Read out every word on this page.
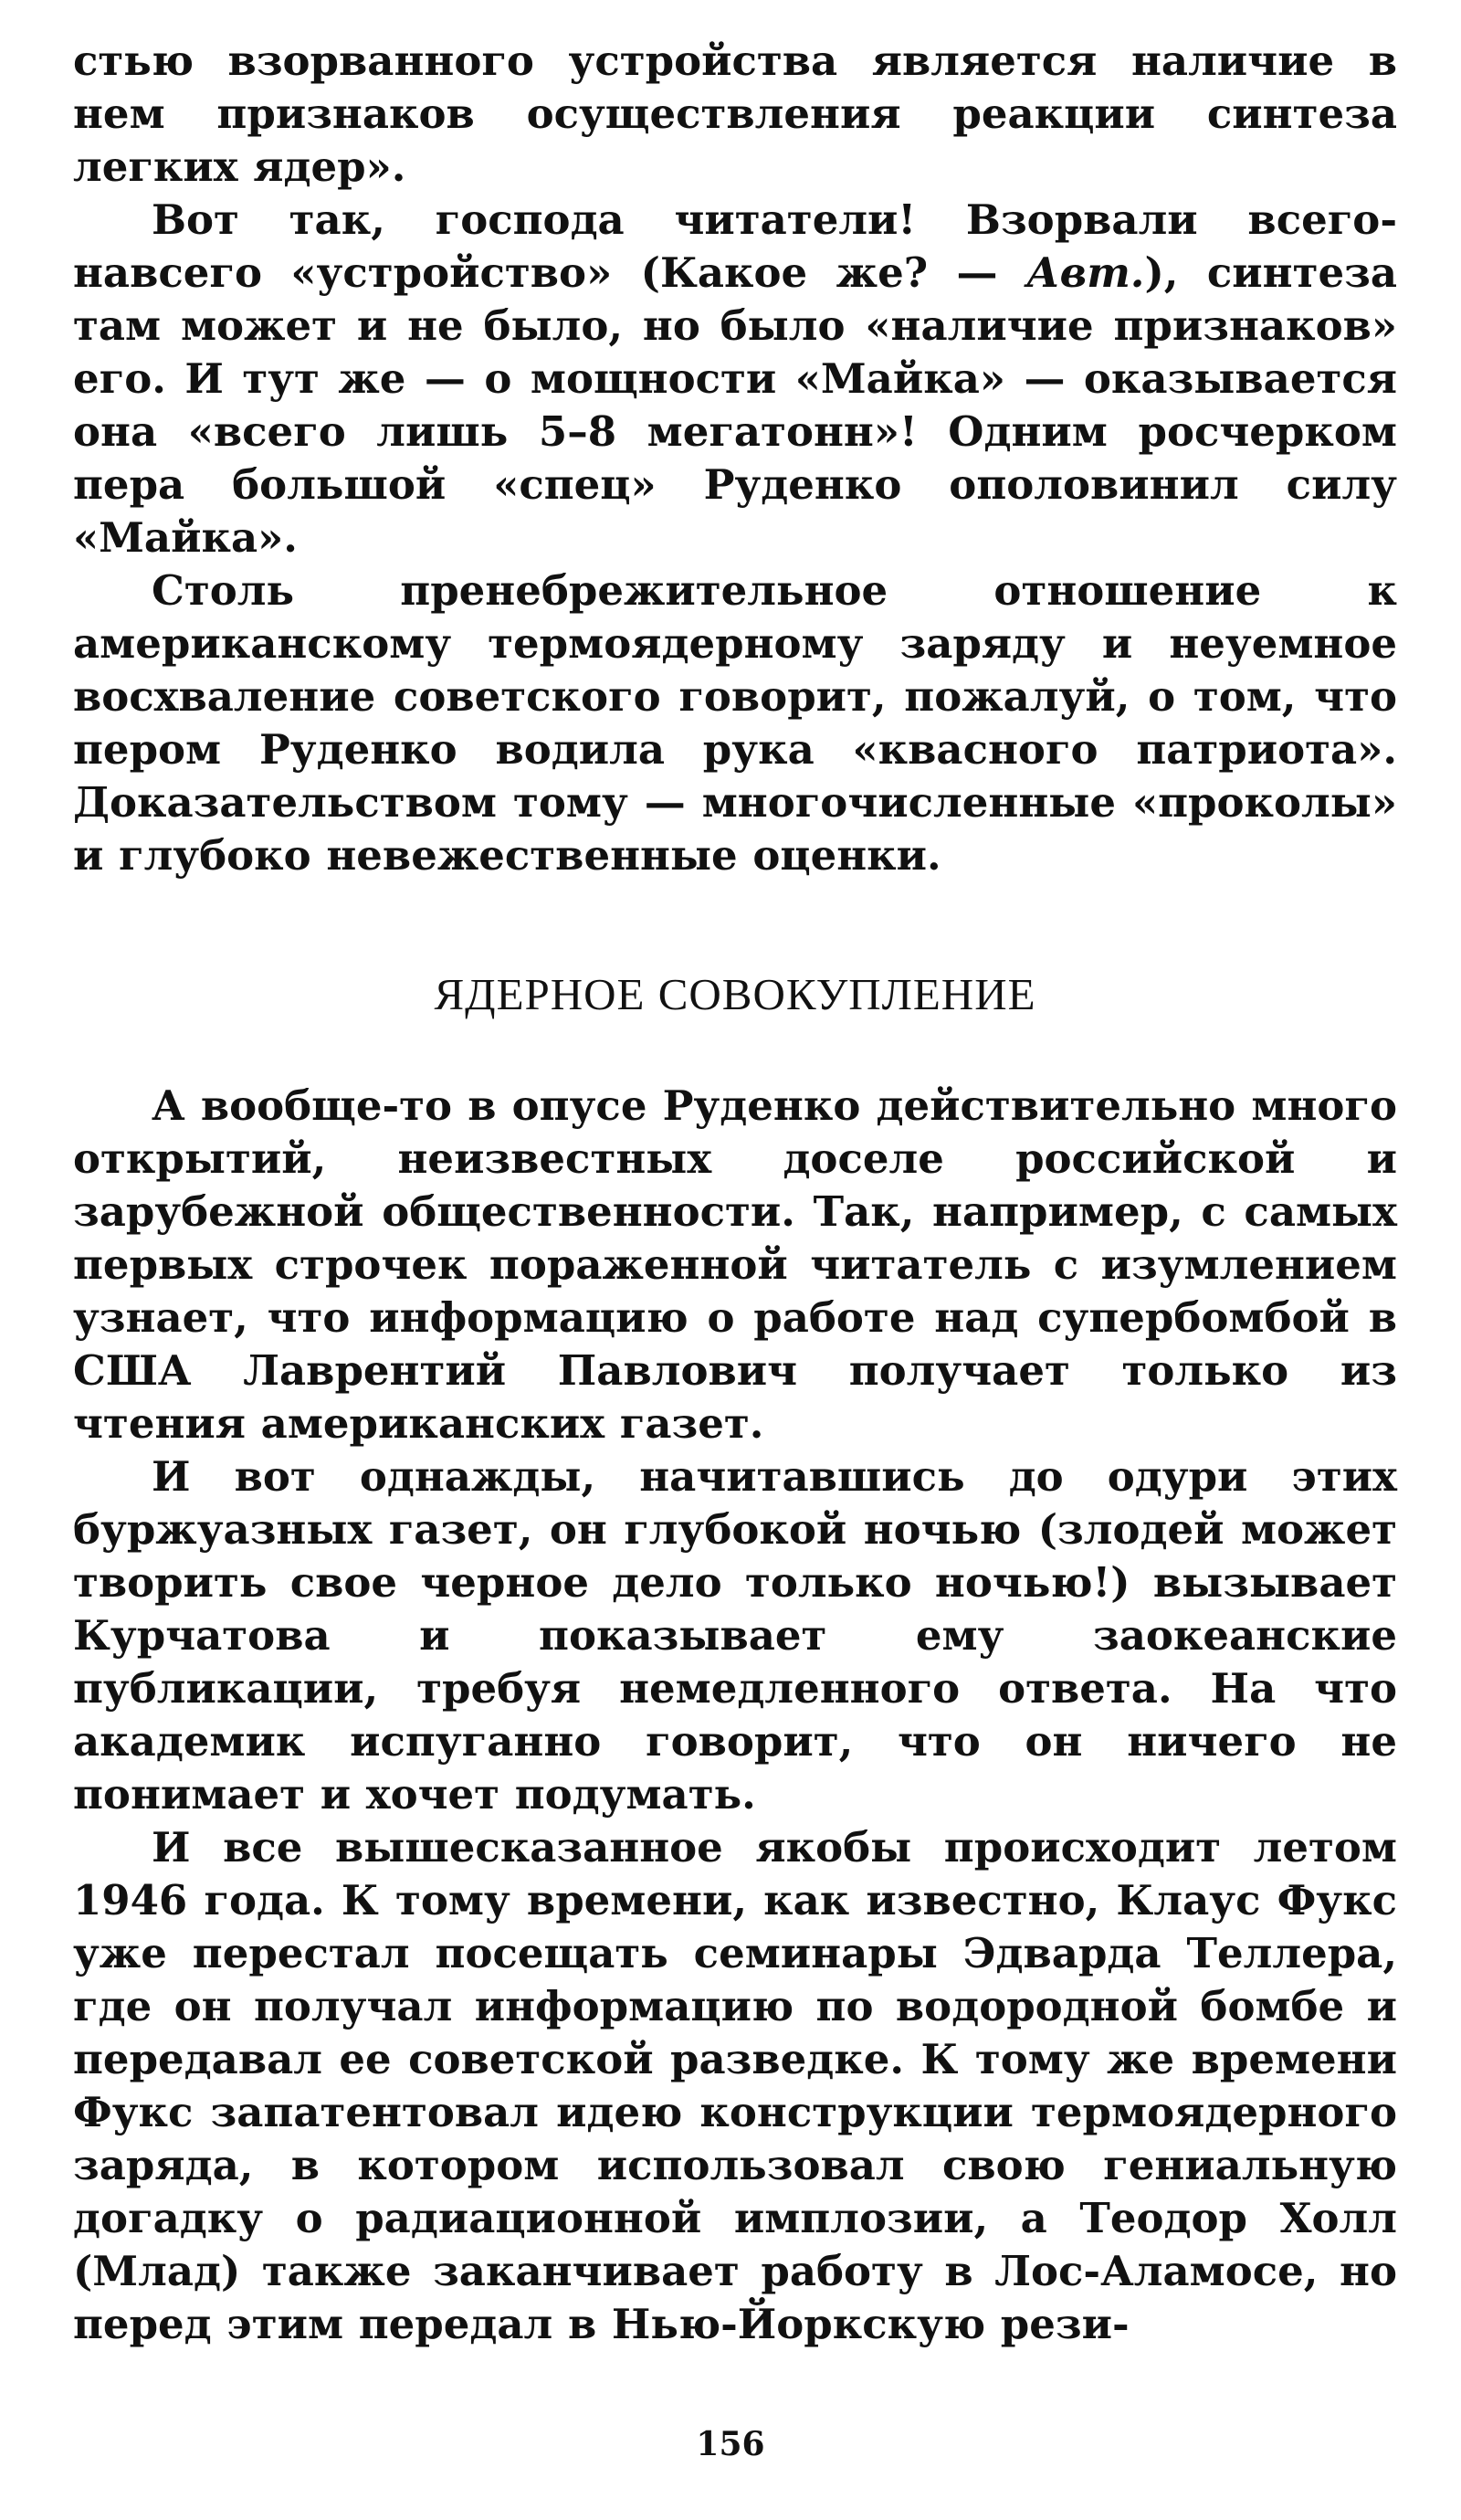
стью взорванного устройства является наличие в нем признаков осуществления реакции синтеза легких ядер».

Вот так, господа читатели! Взорвали всего-навсего «устройство» (Какое же? — Авт.), синтеза там может и не было, но было «наличие признаков» его. И тут же — о мощности «Майка» — оказывается она «всего лишь 5–8 мегатонн»! Одним росчерком пера большой «спец» Руденко ополовинил силу «Майка».

Столь пренебрежительное отношение к американскому термоядерному заряду и неуемное восхваление советского говорит, пожалуй, о том, что пером Руденко водила рука «квасного патриота». Доказательством тому — многочисленные «проколы» и глубоко невежественные оценки.

ЯДЕРНОЕ СОВОКУПЛЕНИЕ

А вообще-то в опусе Руденко действительно много открытий, неизвестных доселе российской и зарубежной общественности. Так, например, с самых первых строчек пораженной читатель с изумлением узнает, что информацию о работе над супербомбой в США Лаврентий Павлович получает только из чтения американских газет.

И вот однажды, начитавшись до одури этих буржуазных газет, он глубокой ночью (злодей может творить свое черное дело только ночью!) вызывает Курчатова и показывает ему заокеанские публикации, требуя немедленного ответа. На что академик испуганно говорит, что он ничего не понимает и хочет подумать.

И все вышесказанное якобы происходит летом 1946 года. К тому времени, как известно, Клаус Фукс уже перестал посещать семинары Эдварда Теллера, где он получал информацию по водородной бомбе и передавал ее советской разведке. К тому же времени Фукс запатентовал идею конструкции термоядерного заряда, в котором использовал свою гениальную догадку о радиационной имплозии, а Теодор Холл (Млад) также заканчивает работу в Лос-Аламосе, но перед этим передал в Нью-Йоркскую рези-

156
